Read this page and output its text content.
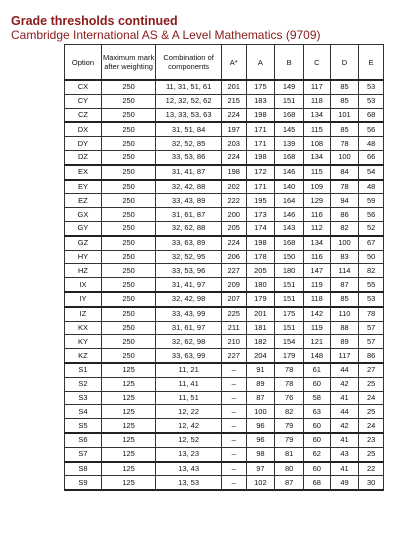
Grade thresholds continued
Cambridge International AS & A Level Mathematics (9709)
Option	Maximum mark after weighting	Combination of components	A*	A	B	C	D	E
CX	250	11, 31, 51, 61	201	175	149	117	85	53
CY	250	12, 32, 52, 62	215	183	151	118	85	53
CZ	250	13, 33, 53, 63	224	198	168	134	101	68
DX	250	31, 51, 84	197	171	145	115	85	56
DY	250	32, 52, 85	203	171	139	108	78	48
DZ	250	33, 53, 86	224	198	168	134	100	66
EX	250	31, 41, 87	198	172	146	115	84	54
EY	250	32, 42, 88	202	171	140	109	78	48
EZ	250	33, 43, 89	222	195	164	129	94	59
GX	250	31, 61, 87	200	173	146	116	86	56
GY	250	32, 62, 88	205	174	143	112	82	52
GZ	250	33, 63, 89	224	198	168	134	100	67
HY	250	32, 52, 95	206	178	150	116	83	50
HZ	250	33, 53, 96	227	205	180	147	114	82
IX	250	31, 41, 97	209	180	151	119	87	55
IY	250	32, 42, 98	207	179	151	118	85	53
IZ	250	33, 43, 99	225	201	175	142	110	78
KX	250	31, 61, 97	211	181	151	119	88	57
KY	250	32, 62, 98	210	182	154	121	89	57
KZ	250	33, 63, 99	227	204	179	148	117	86
S1	125	11, 21	–	91	78	61	44	27
S2	125	11, 41	–	89	78	60	42	25
S3	125	11, 51	–	87	76	58	41	24
S4	125	12, 22	–	100	82	63	44	25
S5	125	12, 42	–	96	79	60	42	24
S6	125	12, 52	–	96	79	60	41	23
S7	125	13, 23	–	98	81	62	43	25
S8	125	13, 43	–	97	80	60	41	22
S9	125	13, 53	–	102	87	68	49	30
